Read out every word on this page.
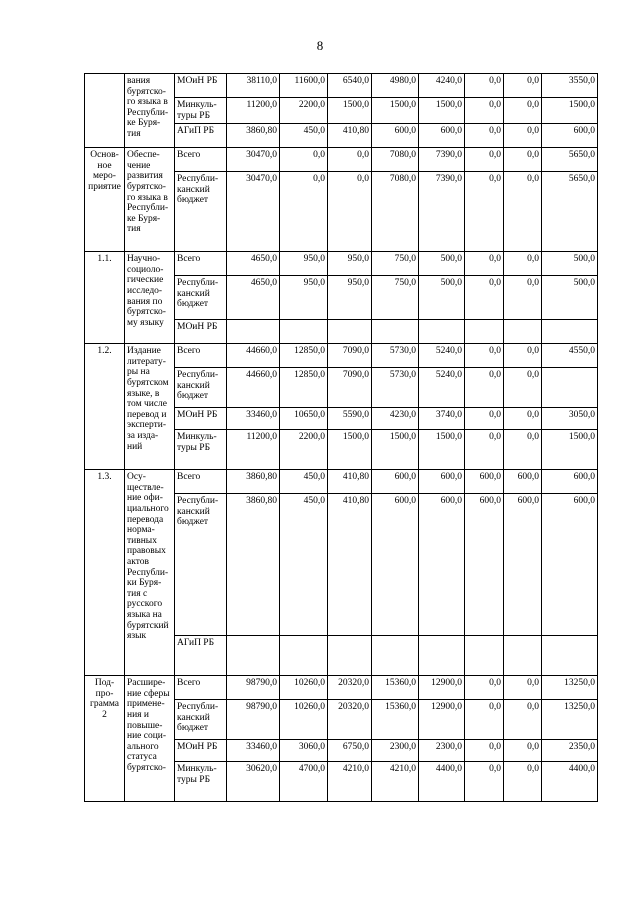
8
	вания бурятско-го языка в Республи-ке Буря-тия	МОиН РБ	38110,0	11600,0	6540,0	4980,0	4240,0	0,0	0,0	3550,0
		Минкуль-туры РБ	11200,0	2200,0	1500,0	1500,0	1500,0	0,0	0,0	1500,0
		АГиП РБ	3860,80	450,0	410,80	600,0	600,0	0,0	0,0	600,0
Основ-ное меро-приятие	Обеспе-чение развития бурятско-го языка в Республи-ке Буря-тия	Всего	30470,0	0,0	0,0	7080,0	7390,0	0,0	0,0	5650,0
		Республи-канский бюджет	30470,0	0,0	0,0	7080,0	7390,0	0,0	0,0	5650,0
1.1.	Научно-социоло-гические исследо-вания по бурятско-му языку	Всего	4650,0	950,0	950,0	750,0	500,0	0,0	0,0	500,0
		Республи-канский бюджет	4650,0	950,0	950,0	750,0	500,0	0,0	0,0	500,0
		МОиН РБ								
1.2.	Издание литерату-ры на бурятском языке, в том числе перевод и эксперти-за изда-ний	Всего	44660,0	12850,0	7090,0	5730,0	5240,0	0,0	0,0	4550,0
		Республи-канский бюджет	44660,0	12850,0	7090,0	5730,0	5240,0	0,0	0,0	
		МОиН РБ	33460,0	10650,0	5590,0	4230,0	3740,0	0,0	0,0	3050,0
		Минкуль-туры РБ	11200,0	2200,0	1500,0	1500,0	1500,0	0,0	0,0	1500,0
1.3.	Осу-ществле-ние офи-циального перевода норма-тивных правовых актов Республи-ки Буря-тия с русского языка на бурятский язык	Всего	3860,80	450,0	410,80	600,0	600,0	600,0	600,0	600,0
		Республи-канский бюджет	3860,80	450,0	410,80	600,0	600,0	600,0	600,0	600,0
		АГиП РБ								
Под-про-грамма 2	Расшире-ние сферы примене-ния и повыше-ние соци-ального статуса бурятско-	Всего	98790,0	10260,0	20320,0	15360,0	12900,0	0,0	0,0	13250,0
		Республи-канский бюджет	98790,0	10260,0	20320,0	15360,0	12900,0	0,0	0,0	13250,0
		МОиН РБ	33460,0	3060,0	6750,0	2300,0	2300,0	0,0	0,0	2350,0
		Минкуль-туры РБ	30620,0	4700,0	4210,0	4210,0	4400,0	0,0	0,0	4400,0
